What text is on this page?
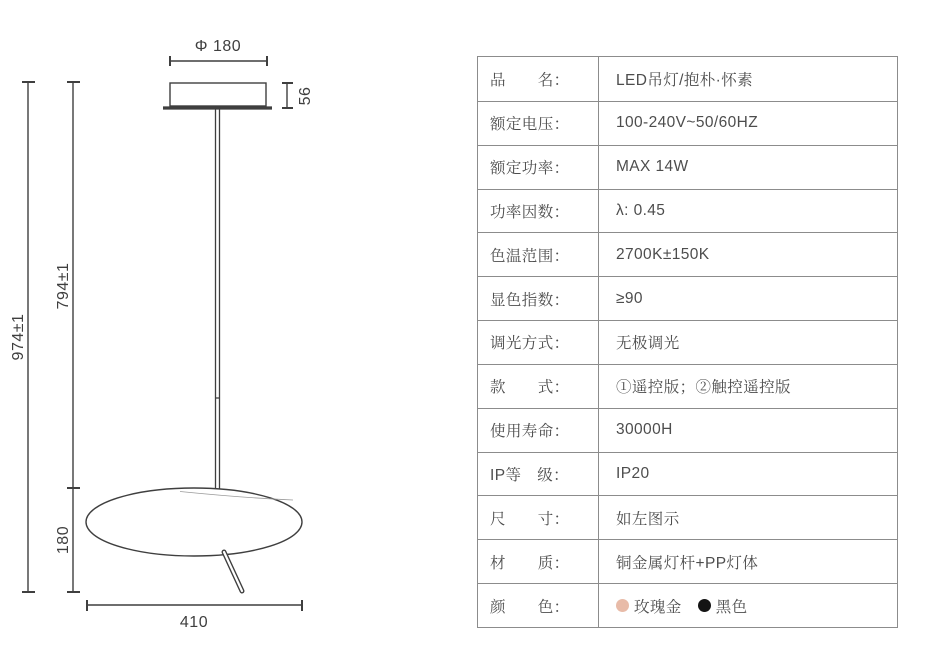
Φ 180
56
974±1
794±1
180
410
品　　名：	LED吊灯/抱朴·怀素
额定电压：	100-240V~50/60HZ
额定功率：	MAX 14W
功率因数：	λ: 0.45
色温范围：	2700K±150K
显色指数：	≥90
调光方式：	无极调光
款　　式：	①遥控版；②触控遥控版
使用寿命：	30000H
IP等　级：	IP20
尺　　寸：	如左图示
材　　质：	铜金属灯杆+PP灯体
颜　　色：	玫瑰金 黑色
